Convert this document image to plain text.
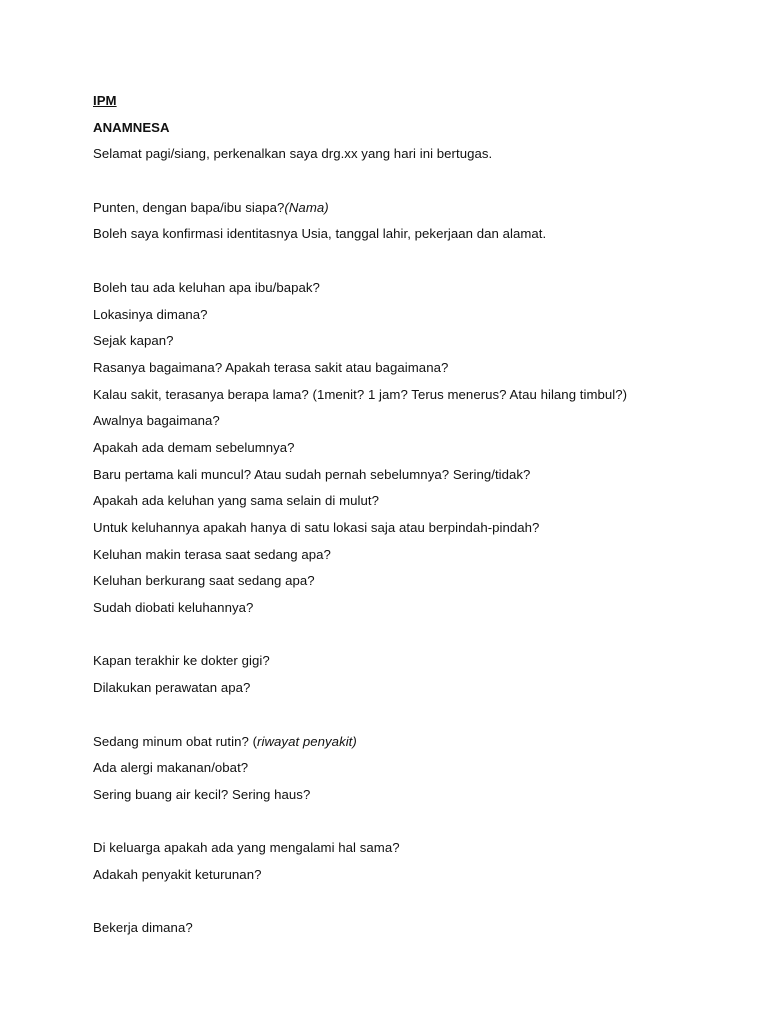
IPM
ANAMNESA
Selamat pagi/siang, perkenalkan saya drg.xx yang hari ini bertugas.
Punten, dengan bapa/ibu siapa?(Nama)
Boleh saya konfirmasi identitasnya Usia, tanggal lahir, pekerjaan dan alamat.
Boleh tau ada keluhan apa ibu/bapak?
Lokasinya dimana?
Sejak kapan?
Rasanya bagaimana? Apakah terasa sakit atau bagaimana?
Kalau sakit, terasanya berapa lama? (1menit? 1 jam? Terus menerus? Atau hilang timbul?)
Awalnya bagaimana?
Apakah ada demam sebelumnya?
Baru pertama kali muncul? Atau sudah pernah sebelumnya? Sering/tidak?
Apakah ada keluhan yang sama selain di mulut?
Untuk keluhannya apakah hanya di satu lokasi saja atau berpindah-pindah?
Keluhan makin terasa saat sedang apa?
Keluhan berkurang saat sedang apa?
Sudah diobati keluhannya?
Kapan terakhir ke dokter gigi?
Dilakukan perawatan apa?
Sedang minum obat rutin? (riwayat penyakit)
Ada alergi makanan/obat?
Sering buang air kecil? Sering haus?
Di keluarga apakah ada yang mengalami hal sama?
Adakah penyakit keturunan?
Bekerja dimana?
